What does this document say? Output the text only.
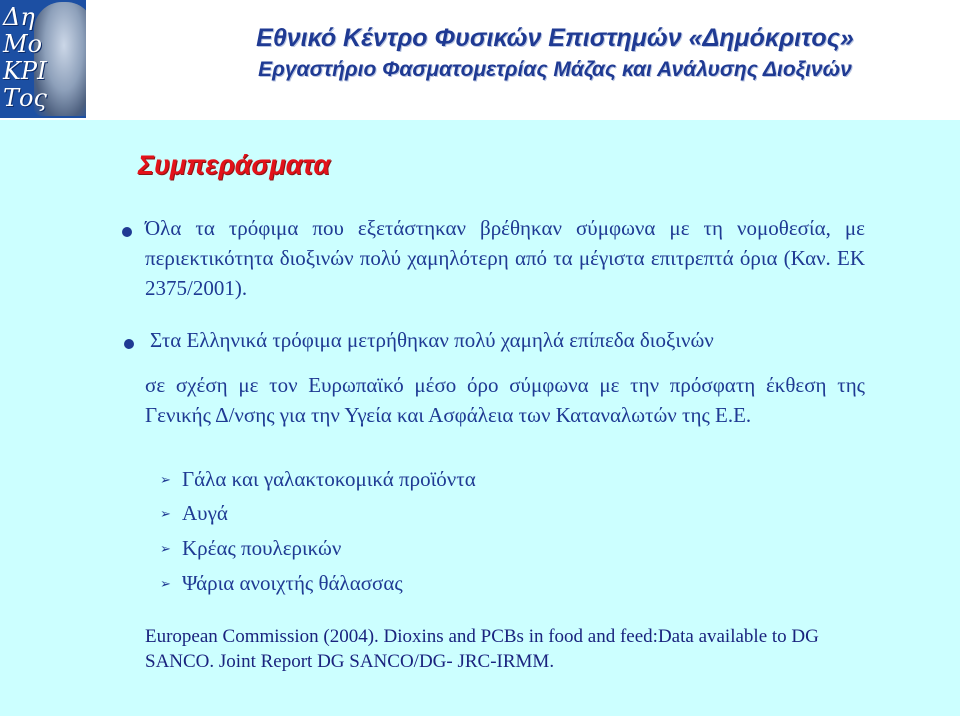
Δη
Μο
ΚΡΙ
Τος
Εθνικό Κέντρο Φυσικών Επιστημών «Δημόκριτος»
Εργαστήριο Φασματομετρίας Μάζας και Ανάλυσης Διοξινών
Συμπεράσματα
Όλα τα τρόφιμα που εξετάστηκαν βρέθηκαν σύμφωνα με τη νομοθεσία, με περιεκτικότητα διοξινών πολύ χαμηλότερη από τα μέγιστα επιτρεπτά όρια (Καν. ΕΚ 2375/2001).
Στα Ελληνικά τρόφιμα μετρήθηκαν πολύ χαμηλά επίπεδα διοξινών
σε σχέση με τον Ευρωπαϊκό μέσο όρο σύμφωνα με την πρόσφατη έκθεση της Γενικής Δ/νσης για την Υγεία και Ασφάλεια των Καταναλωτών της Ε.Ε.
➢ Γάλα και γαλακτοκομικά προϊόντα
➢ Αυγά
➢ Κρέας πουλερικών
➢ Ψάρια ανοιχτής θάλασσας
European Commission (2004). Dioxins and PCBs in food and feed:Data available to DG SANCO. Joint Report DG SANCO/DG- JRC-IRMM.
